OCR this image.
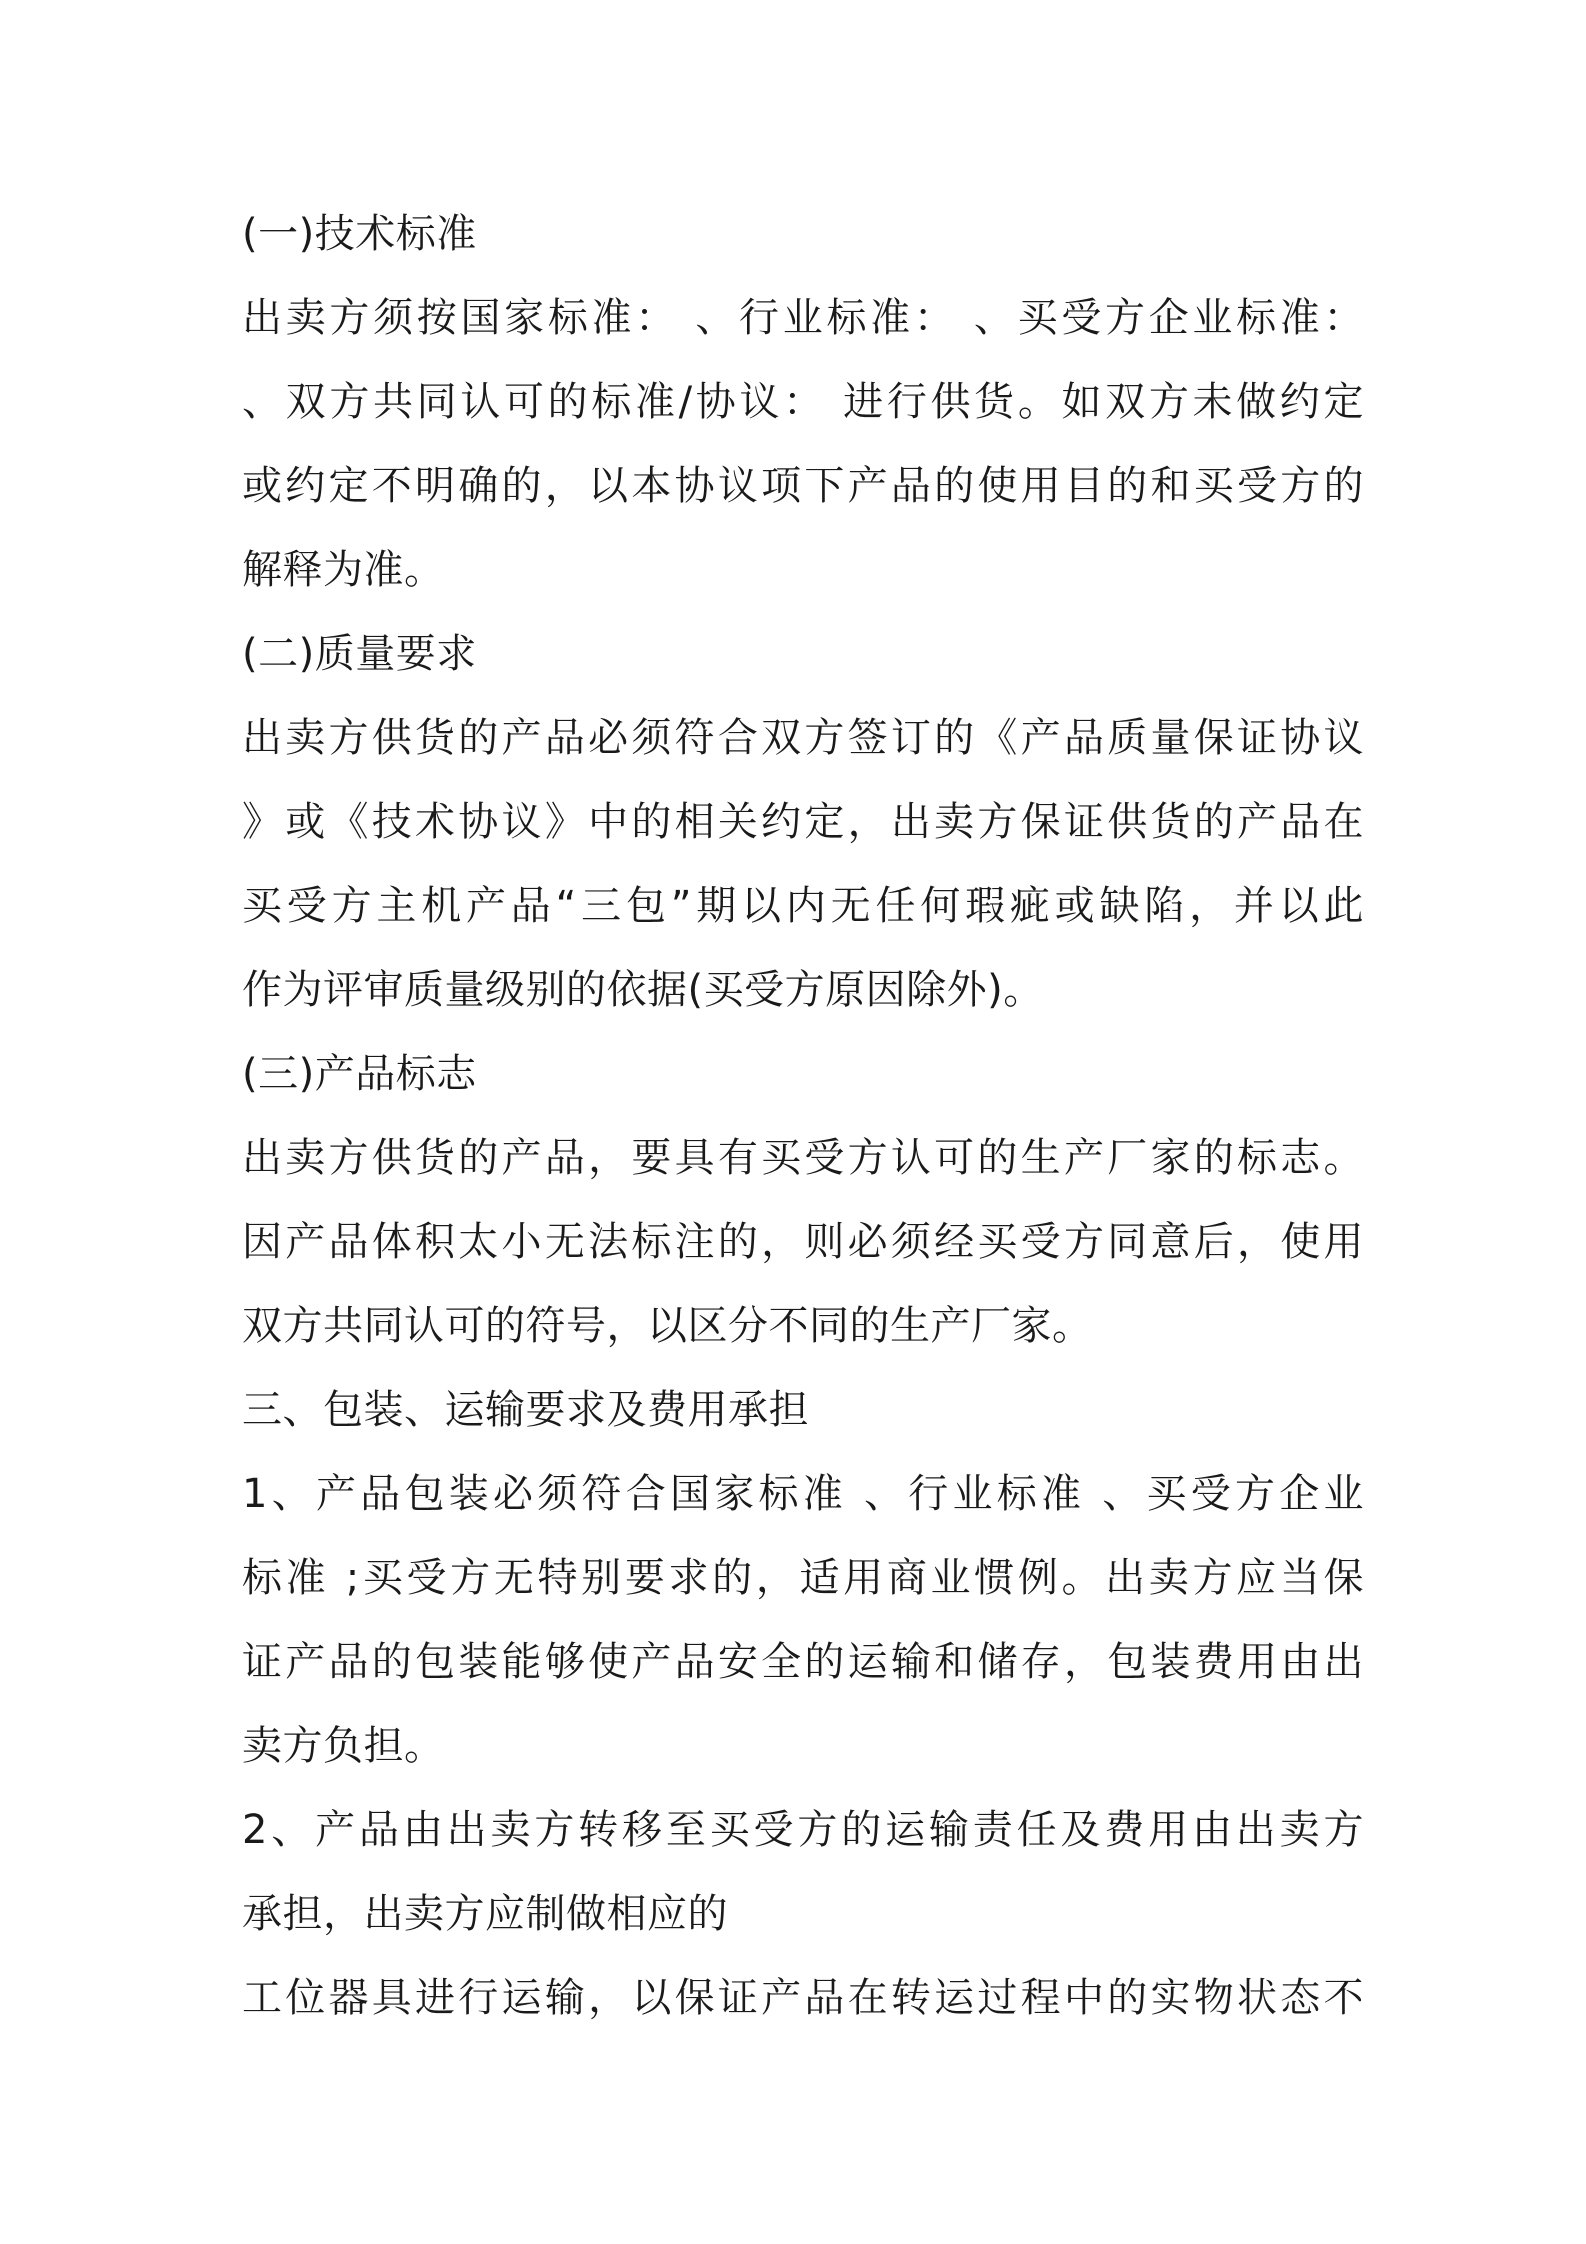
(一)技术标准
出卖方须按国家标准： 、行业标准： 、买受方企业标准：
、双方共同认可的标准/协议： 进行供货。如双方未做约定
或约定不明确的，以本协议项下产品的使用目的和买受方的
解释为准。
(二)质量要求
出卖方供货的产品必须符合双方签订的《产品质量保证协议
》或《技术协议》中的相关约定，出卖方保证供货的产品在
买受方主机产品“三包”期以内无任何瑕疵或缺陷，并以此
作为评审质量级别的依据(买受方原因除外)。
(三)产品标志
出卖方供货的产品，要具有买受方认可的生产厂家的标志。
因产品体积太小无法标注的，则必须经买受方同意后，使用
双方共同认可的符号，以区分不同的生产厂家。
三、包装、运输要求及费用承担
1、产品包装必须符合国家标准 、行业标准 、买受方企业
标准 ;买受方无特别要求的，适用商业惯例。出卖方应当保
证产品的包装能够使产品安全的运输和储存，包装费用由出
卖方负担。
2、产品由出卖方转移至买受方的运输责任及费用由出卖方
承担，出卖方应制做相应的
工位器具进行运输，以保证产品在转运过程中的实物状态不
